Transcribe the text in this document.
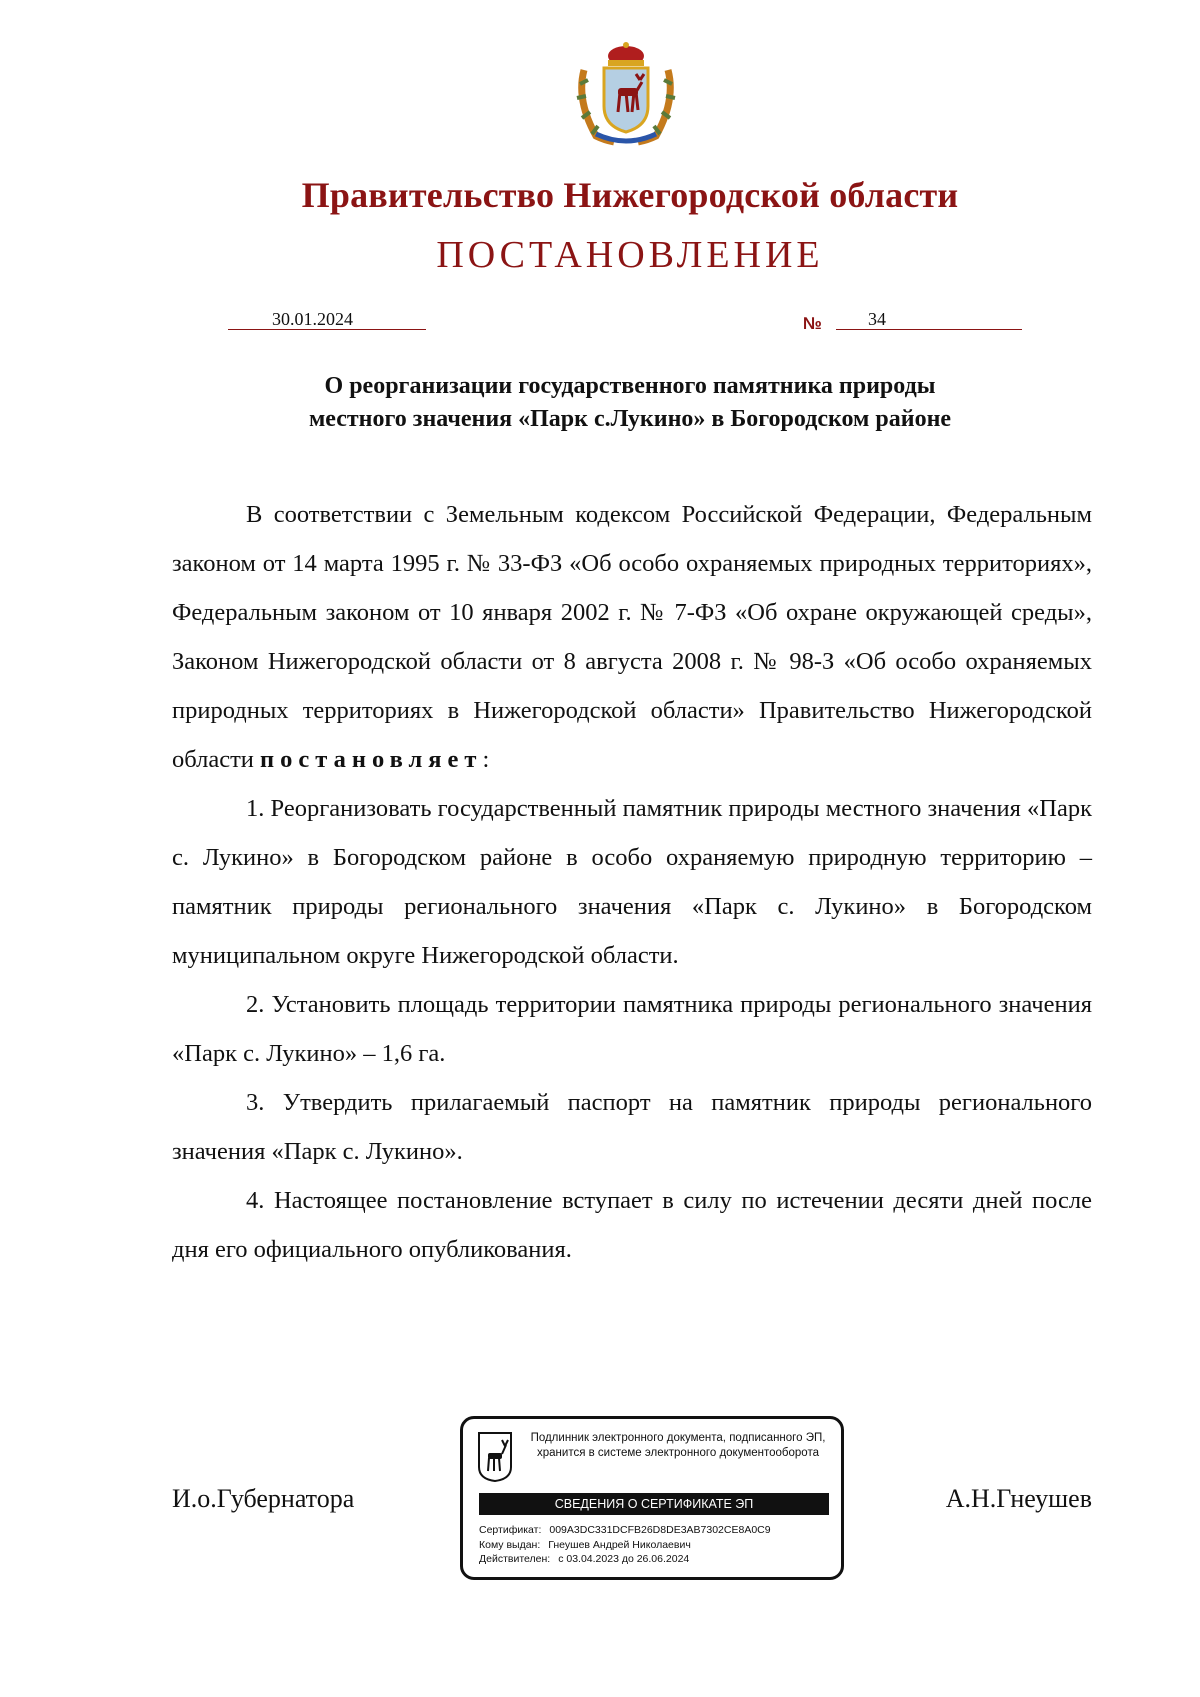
Правительство Нижегородской области
ПОСТАНОВЛЕНИЕ
30.01.2024	№	34
О реорганизации государственного памятника природы
местного значения «Парк с.Лукино» в Богородском районе

В соответствии с Земельным кодексом Российской Федерации, Федеральным законом от 14 марта 1995 г. № 33-ФЗ «Об особо охраняемых природных территориях», Федеральным законом от 10 января 2002 г. № 7-ФЗ «Об охране окружающей среды», Законом Нижегородской области от 8 августа 2008 г. № 98-З «Об особо охраняемых природных территориях в Нижегородской области» Правительство Нижегородской области постановляет:

1. Реорганизовать государственный памятник природы местного значения «Парк с. Лукино» в Богородском районе в особо охраняемую природную территорию – памятник природы регионального значения «Парк с. Лукино» в Богородском муниципальном округе Нижегородской области.

2. Установить площадь территории памятника природы регионального значения «Парк с. Лукино» – 1,6 га.

3. Утвердить прилагаемый паспорт на памятник природы регионального значения «Парк с. Лукино».

4. Настоящее постановление вступает в силу по истечении десяти дней после дня его официального опубликования.

И.о.Губернатора	А.Н.Гнеушев
Подлинник электронного документа, подписанного ЭП,
хранится в системе электронного документооборота
СВЕДЕНИЯ О СЕРТИФИКАТЕ ЭП
Сертификат: 009A3DC331DCFB26D8DE3AB7302CE8A0C9
Кому выдан: Гнеушев Андрей Николаевич
Действителен: с 03.04.2023 до 26.06.2024
